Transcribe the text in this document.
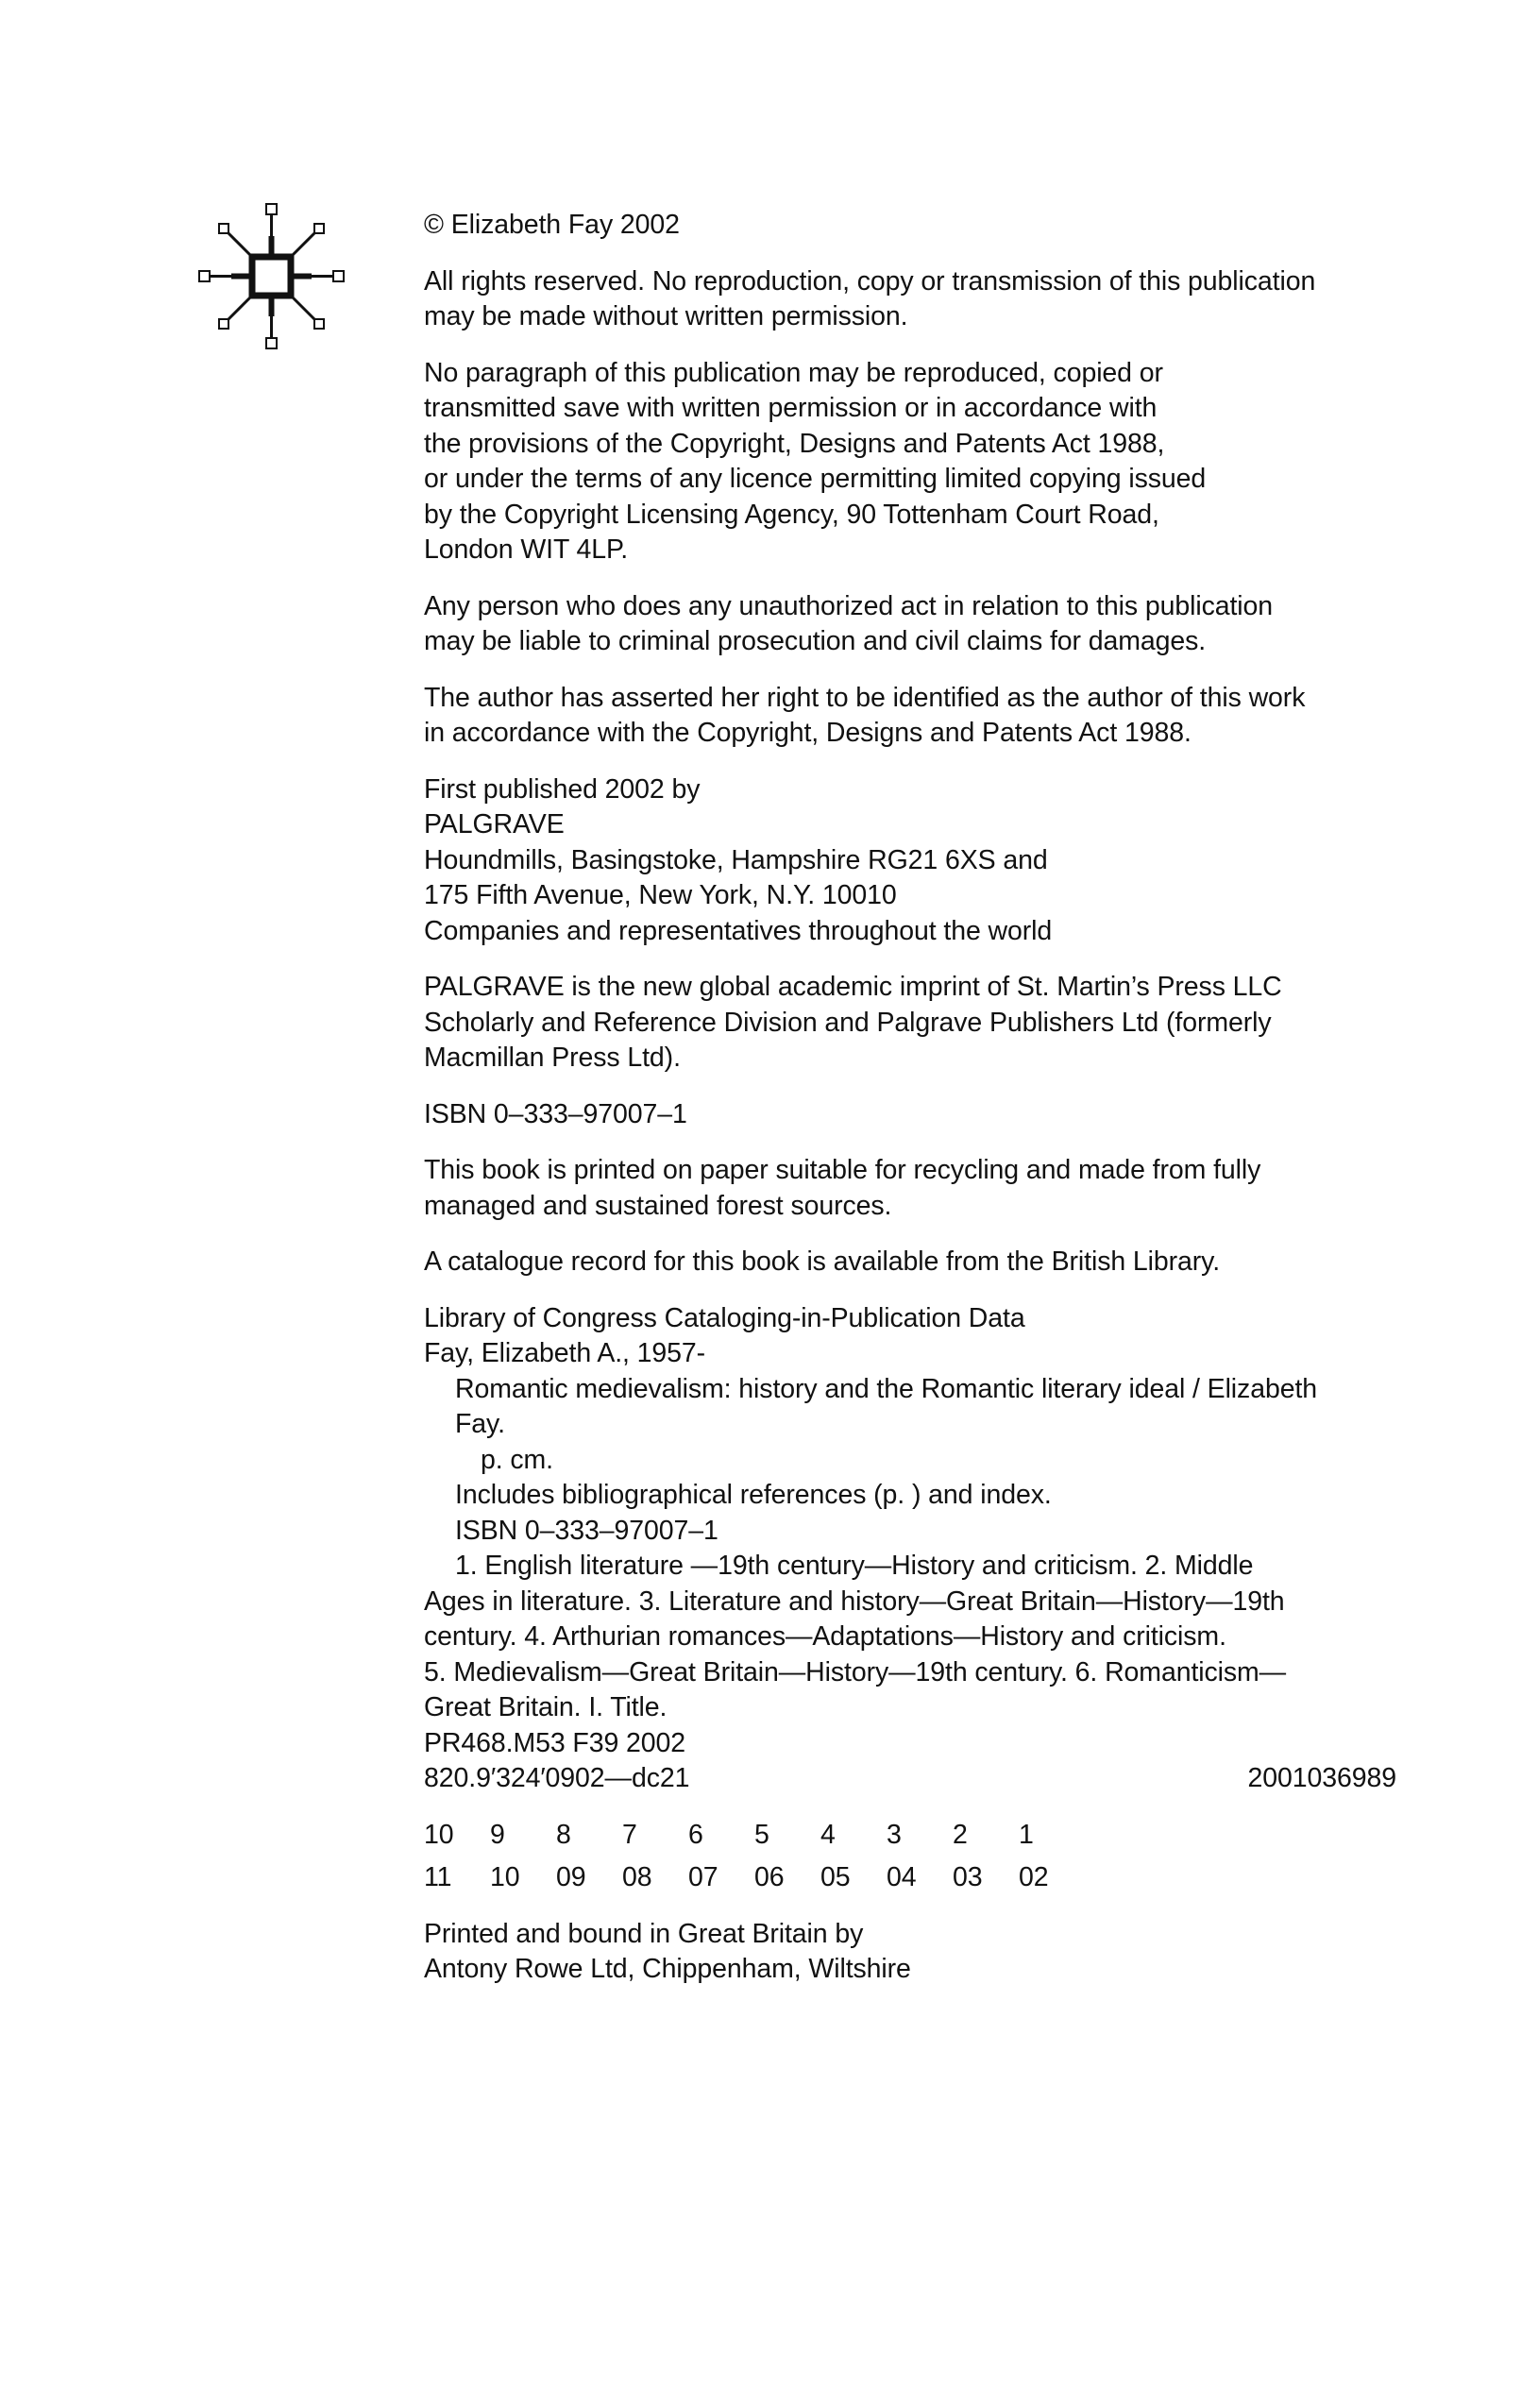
© Elizabeth Fay 2002

All rights reserved. No reproduction, copy or transmission of this publication
may be made without written permission.

No paragraph of this publication may be reproduced, copied or
transmitted save with written permission or in accordance with
the provisions of the Copyright, Designs and Patents Act 1988,
or under the terms of any licence permitting limited copying issued
by the Copyright Licensing Agency, 90 Tottenham Court Road,
London WIT 4LP.

Any person who does any unauthorized act in relation to this publication
may be liable to criminal prosecution and civil claims for damages.

The author has asserted her right to be identified as the author of this work
in accordance with the Copyright, Designs and Patents Act 1988.

First published 2002 by
PALGRAVE
Houndmills, Basingstoke, Hampshire RG21 6XS and
175 Fifth Avenue, New York, N.Y. 10010
Companies and representatives throughout the world

PALGRAVE is the new global academic imprint of St. Martin’s Press LLC
Scholarly and Reference Division and Palgrave Publishers Ltd (formerly
Macmillan Press Ltd).

ISBN 0–333–97007–1

This book is printed on paper suitable for recycling and made from fully
managed and sustained forest sources.

A catalogue record for this book is available from the British Library.

Library of Congress Cataloging-in-Publication Data
Fay, Elizabeth A., 1957-
Romantic medievalism: history and the Romantic literary ideal / Elizabeth
Fay.
p. cm.
Includes bibliographical references (p. ) and index.
ISBN 0–333–97007–1
1. English literature —19th century—History and criticism. 2. Middle
Ages in literature. 3. Literature and history—Great Britain—History—19th
century. 4. Arthurian romances—Adaptations—History and criticism.
5. Medievalism—Great Britain—History—19th century. 6. Romanticism—
Great Britain. I. Title.
PR468.M53 F39 2002
820.9′324′0902—dc21	2001036989
10	9	8	7	6	5	4	3	2	1
11	10	09	08	07	06	05	04	03	02

Printed and bound in Great Britain by
Antony Rowe Ltd, Chippenham, Wiltshire
